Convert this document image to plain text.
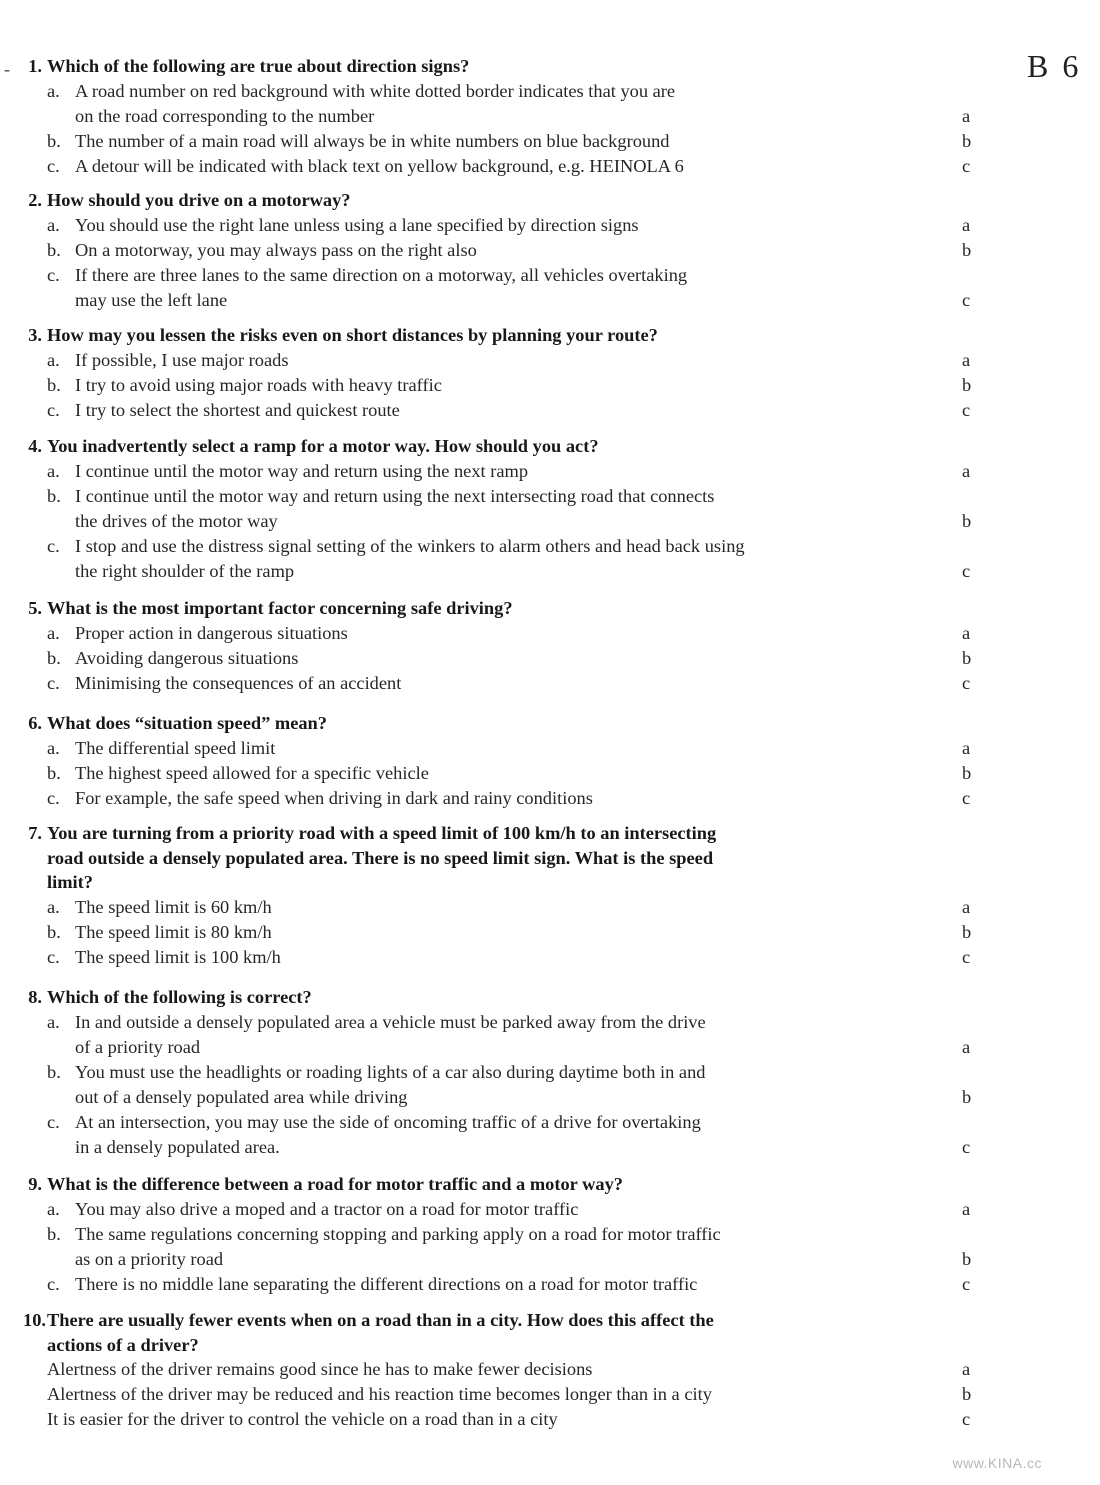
-	B 6
1. Which of the following are true about direction signs?
a. A road number on red background with white dotted border indicates that you are
on the road corresponding to the number	a
b. The number of a main road will always be in white numbers on blue background	b
c. A detour will be indicated with black text on yellow background, e.g. HEINOLA 6	c
2. How should you drive on a motorway?
a. You should use the right lane unless using a lane specified by direction signs	a
b. On a motorway, you may always pass on the right also	b
c. If there are three lanes to the same direction on a motorway, all vehicles overtaking
may use the left lane	c
3. How may you lessen the risks even on short distances by planning your route?
a. If possible, I use major roads	a
b. I try to avoid using major roads with heavy traffic	b
c. I try to select the shortest and quickest route	c
4. You inadvertently select a ramp for a motor way. How should you act?
a. I continue until the motor way and return using the next ramp	a
b. I continue until the motor way and return using the next intersecting road that connects
the drives of the motor way	b
c. I stop and use the distress signal setting of the winkers to alarm others and head back using
the right shoulder of the ramp	c
5. What is the most important factor concerning safe driving?
a. Proper action in dangerous situations	a
b. Avoiding dangerous situations	b
c. Minimising the consequences of an accident	c
6. What does “situation speed” mean?
a. The differential speed limit	a
b. The highest speed allowed for a specific vehicle	b
c. For example, the safe speed when driving in dark and rainy conditions	c
7. You are turning from a priority road with a speed limit of 100 km/h to an intersecting
road outside a densely populated area. There is no speed limit sign. What is the speed
limit?
a. The speed limit is 60 km/h	a
b. The speed limit is 80 km/h	b
c. The speed limit is 100 km/h	c
8. Which of the following is correct?
a. In and outside a densely populated area a vehicle must be parked away from the drive
of a priority road	a
b. You must use the headlights or roading lights of a car also during daytime both in and
out of a densely populated area while driving	b
c. At an intersection, you may use the side of oncoming traffic of a drive for overtaking
in a densely populated area.	c
9. What is the difference between a road for motor traffic and a motor way?
a. You may also drive a moped and a tractor on a road for motor traffic	a
b. The same regulations concerning stopping and parking apply on a road for motor traffic
as on a priority road	b
c. There is no middle lane separating the different directions on a road for motor traffic	c
10. There are usually fewer events when on a road than in a city. How does this affect the
actions of a driver?
Alertness of the driver remains good since he has to make fewer decisions	a
Alertness of the driver may be reduced and his reaction time becomes longer than in a city	b
It is easier for the driver to control the vehicle on a road than in a city	c
www.KINA.cc
